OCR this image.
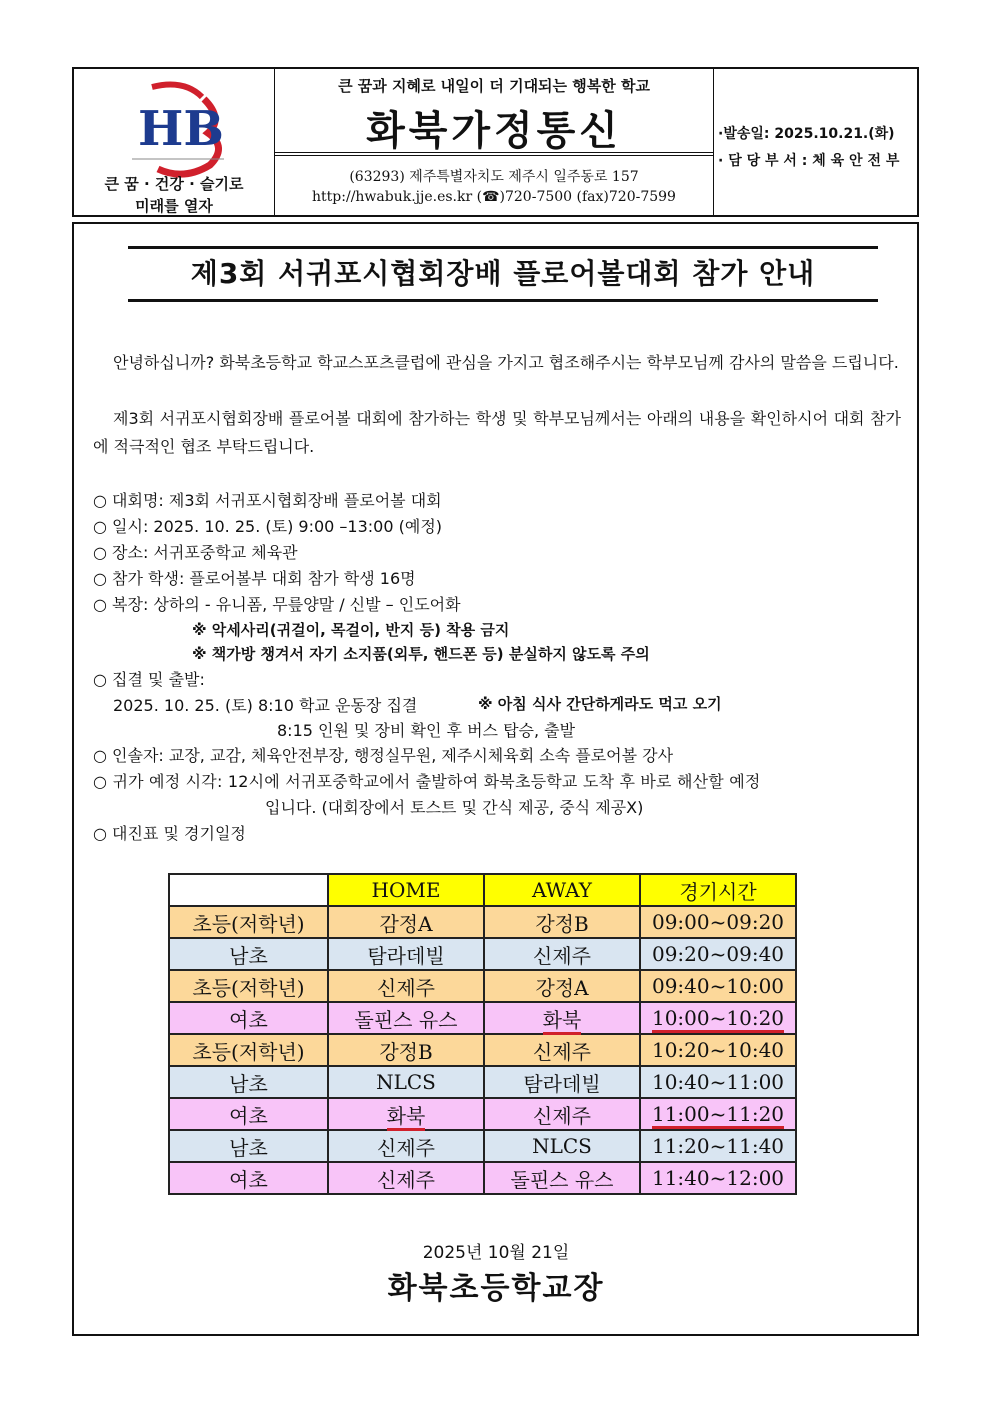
HB
큰 꿈 · 건강 · 슬기로
미래를 열자
큰 꿈과 지혜로 내일이 더 기대되는 행복한 학교
화북가정통신
(63293) 제주특별자치도 제주시 일주동로 157
http://hwabuk.jje.es.kr (☎)720-7500 (fax)720-7599
·발송일: 2025.10.21.(화)
· 담 당 부 서 : 체 육 안 전 부
제3회 서귀포시협회장배 플로어볼대회 참가 안내
안녕하십니까? 화북초등학교 학교스포츠클럽에 관심을 가지고 협조해주시는 학부모님께 감사의 말씀을 드립니다.
제3회 서귀포시협회장배 플로어볼 대회에 참가하는 학생 및 학부모님께서는 아래의 내용을 확인하시어 대회 참가에 적극적인 협조 부탁드립니다.
○ 대회명: 제3회 서귀포시협회장배 플로어볼 대회
○ 일시: 2025. 10. 25. (토) 9:00 –13:00 (예정)
○ 장소: 서귀포중학교 체육관
○ 참가 학생: 플로어볼부 대회 참가 학생 16명
○ 복장: 상하의 - 유니폼, 무릎양말 / 신발 – 인도어화
※ 악세사리(귀걸이, 목걸이, 반지 등) 착용 금지
※ 책가방 챙겨서 자기 소지품(외투, 핸드폰 등) 분실하지 않도록 주의
○ 집결 및 출발:
2025. 10. 25. (토) 8:10 학교 운동장 집결	※ 아침 식사 간단하게라도 먹고 오기
8:15 인원 및 장비 확인 후 버스 탑승, 출발
○ 인솔자: 교장, 교감, 체육안전부장, 행정실무원, 제주시체육회 소속 플로어볼 강사
○ 귀가 예정 시각: 12시에 서귀포중학교에서 출발하여 화북초등학교 도착 후 바로 해산할 예정
입니다. (대회장에서 토스트 및 간식 제공, 중식 제공X)
○ 대진표 및 경기일정
	HOME	AWAY	경기시간
초등(저학년)	감정A	강정B	09:00~09:20
남초	탐라데빌	신제주	09:20~09:40
초등(저학년)	신제주	강정A	09:40~10:00
여초	돌핀스 유스	화북	10:00~10:20
초등(저학년)	강정B	신제주	10:20~10:40
남초	NLCS	탐라데빌	10:40~11:00
여초	화북	신제주	11:00~11:20
남초	신제주	NLCS	11:20~11:40
여초	신제주	돌핀스 유스	11:40~12:00
2025년 10월 21일
화북초등학교장
